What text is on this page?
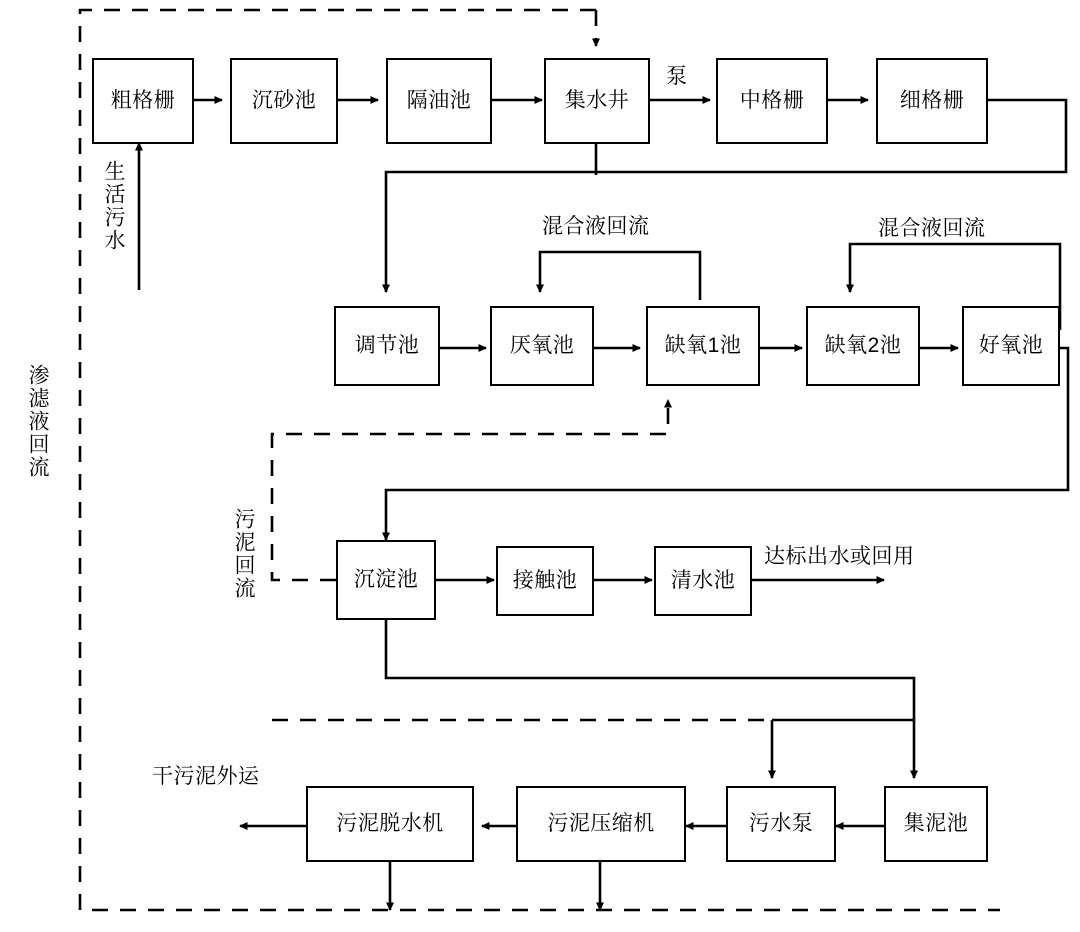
粗格栅	沉砂池	隔油池	集水井	中格栅	细格栅
调节池	厌氧池	缺氧1池	缺氧2池	好氧池
沉淀池	接触池	清水池
污泥脱水机	污泥压缩机	污水泵	集泥池
泵
混合液回流	混合液回流
达标出水或回用
干污泥外运
生活污水
污泥回流
渗滤液回流
